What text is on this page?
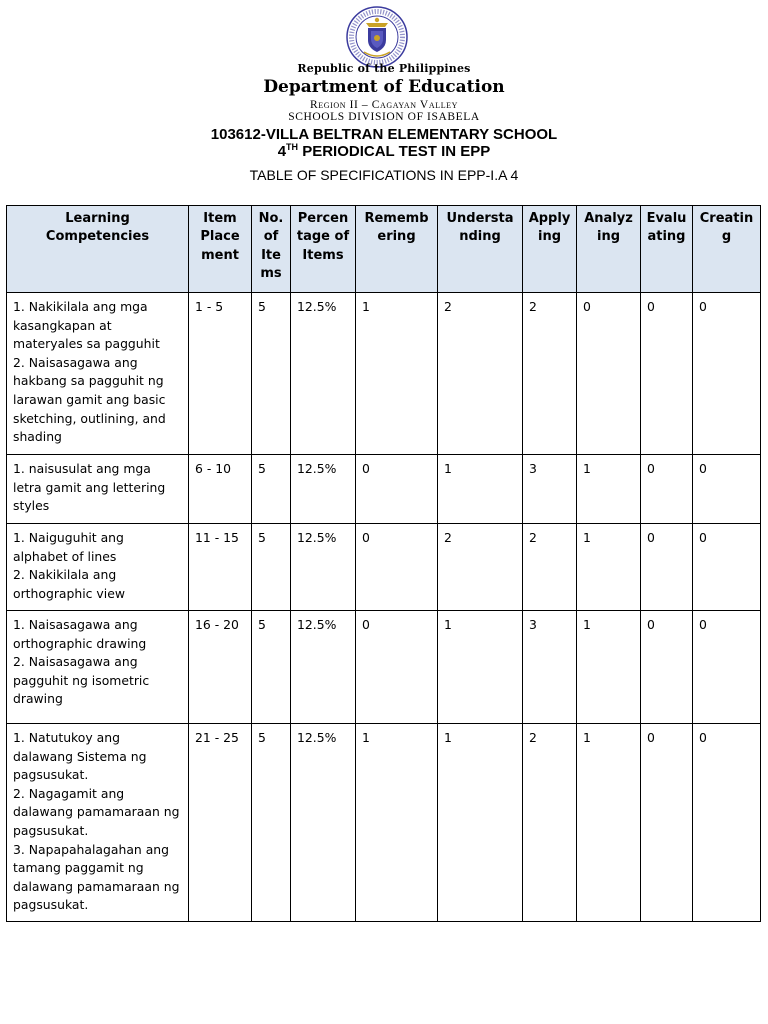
Republic of the Philippines
Department of Education
Region II – Cagayan Valley
SCHOOLS DIVISION OF ISABELA
103612-VILLA BELTRAN ELEMENTARY SCHOOL
4TH PERIODICAL TEST IN EPP
TABLE OF SPECIFICATIONS IN EPP-I.A 4
Learning Competencies	Item Place ment	No. of Ite ms	Percen tage of Items	Rememb ering	Understa nding	Apply ing	Analyz ing	Evalu ating	Creatin g
1. Nakikilala ang mga kasangkapan at materyales sa pagguhit
2. Naisasagawa ang hakbang sa pagguhit ng larawan gamit ang basic sketching, outlining, and shading	1 - 5	5	12.5%	1	2	2	0	0	0
1. naisusulat ang mga letra gamit ang lettering styles	6 - 10	5	12.5%	0	1	3	1	0	0
1. Naiguguhit ang alphabet of lines
2. Nakikilala ang orthographic view	11 - 15	5	12.5%	0	2	2	1	0	0
1. Naisasagawa ang orthographic drawing
2. Naisasagawa ang pagguhit ng isometric drawing	16 - 20	5	12.5%	0	1	3	1	0	0
1. Natutukoy ang dalawang Sistema ng pagsusukat.
2. Nagagamit ang dalawang pamamaraan ng pagsusukat.
3. Napapahalagahan ang tamang paggamit ng dalawang pamamaraan ng pagsusukat.	21 - 25	5	12.5%	1	1	2	1	0	0
